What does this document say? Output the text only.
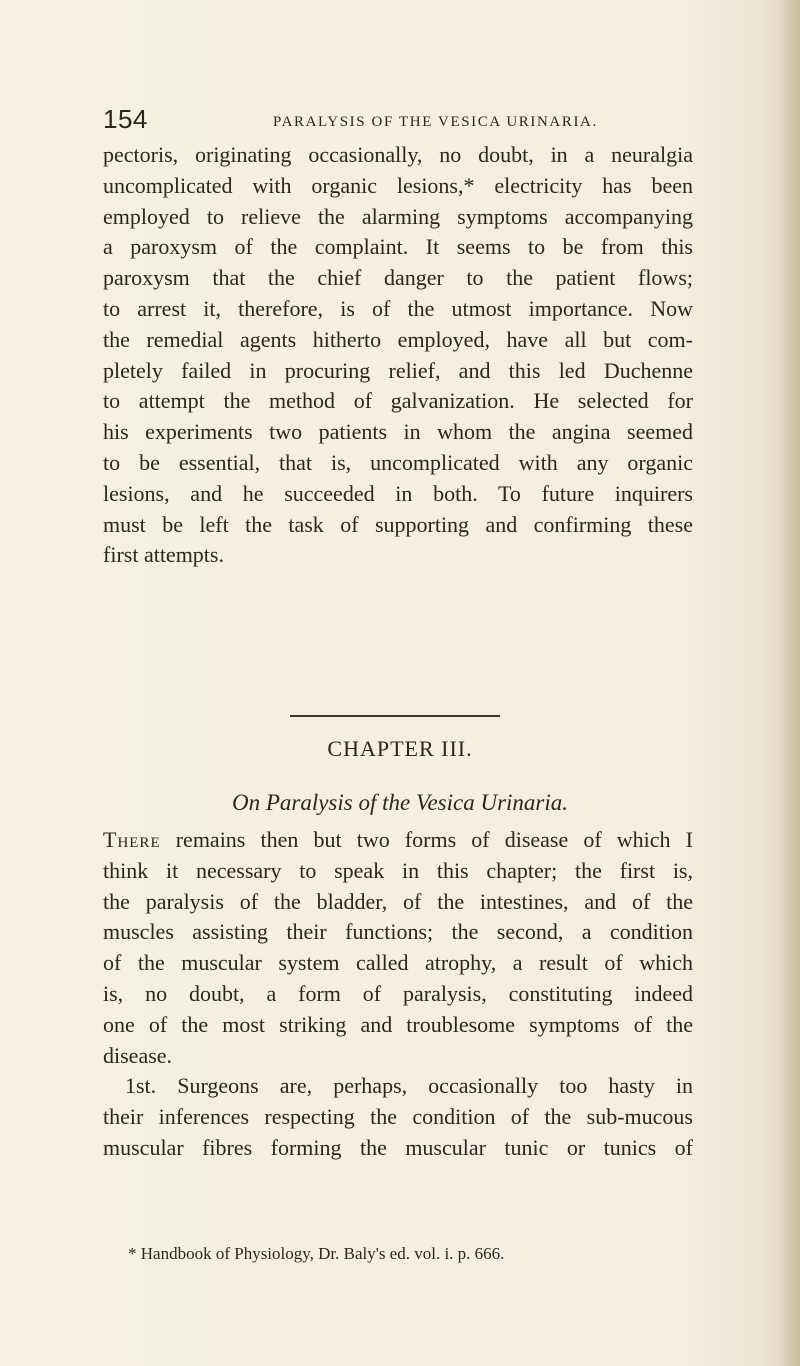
154	PARALYSIS OF THE VESICA URINARIA.
pectoris, originating occasionally, no doubt, in a neuralgia
uncomplicated with organic lesions,* electricity has been
employed to relieve the alarming symptoms accompanying
a paroxysm of the complaint. It seems to be from this
paroxysm that the chief danger to the patient flows;
to arrest it, therefore, is of the utmost importance. Now
the remedial agents hitherto employed, have all but com-
pletely failed in procuring relief, and this led Duchenne
to attempt the method of galvanization. He selected for
his experiments two patients in whom the angina seemed
to be essential, that is, uncomplicated with any organic
lesions, and he succeeded in both. To future inquirers
must be left the task of supporting and confirming these
first attempts.
CHAPTER III.
On Paralysis of the Vesica Urinaria.
There remains then but two forms of disease of which I
think it necessary to speak in this chapter; the first is,
the paralysis of the bladder, of the intestines, and of the
muscles assisting their functions; the second, a condition
of the muscular system called atrophy, a result of which
is, no doubt, a form of paralysis, constituting indeed
one of the most striking and troublesome symptoms of the
disease.
1st. Surgeons are, perhaps, occasionally too hasty in
their inferences respecting the condition of the sub-mucous
muscular fibres forming the muscular tunic or tunics of
* Handbook of Physiology, Dr. Baly's ed. vol. i. p. 666.
